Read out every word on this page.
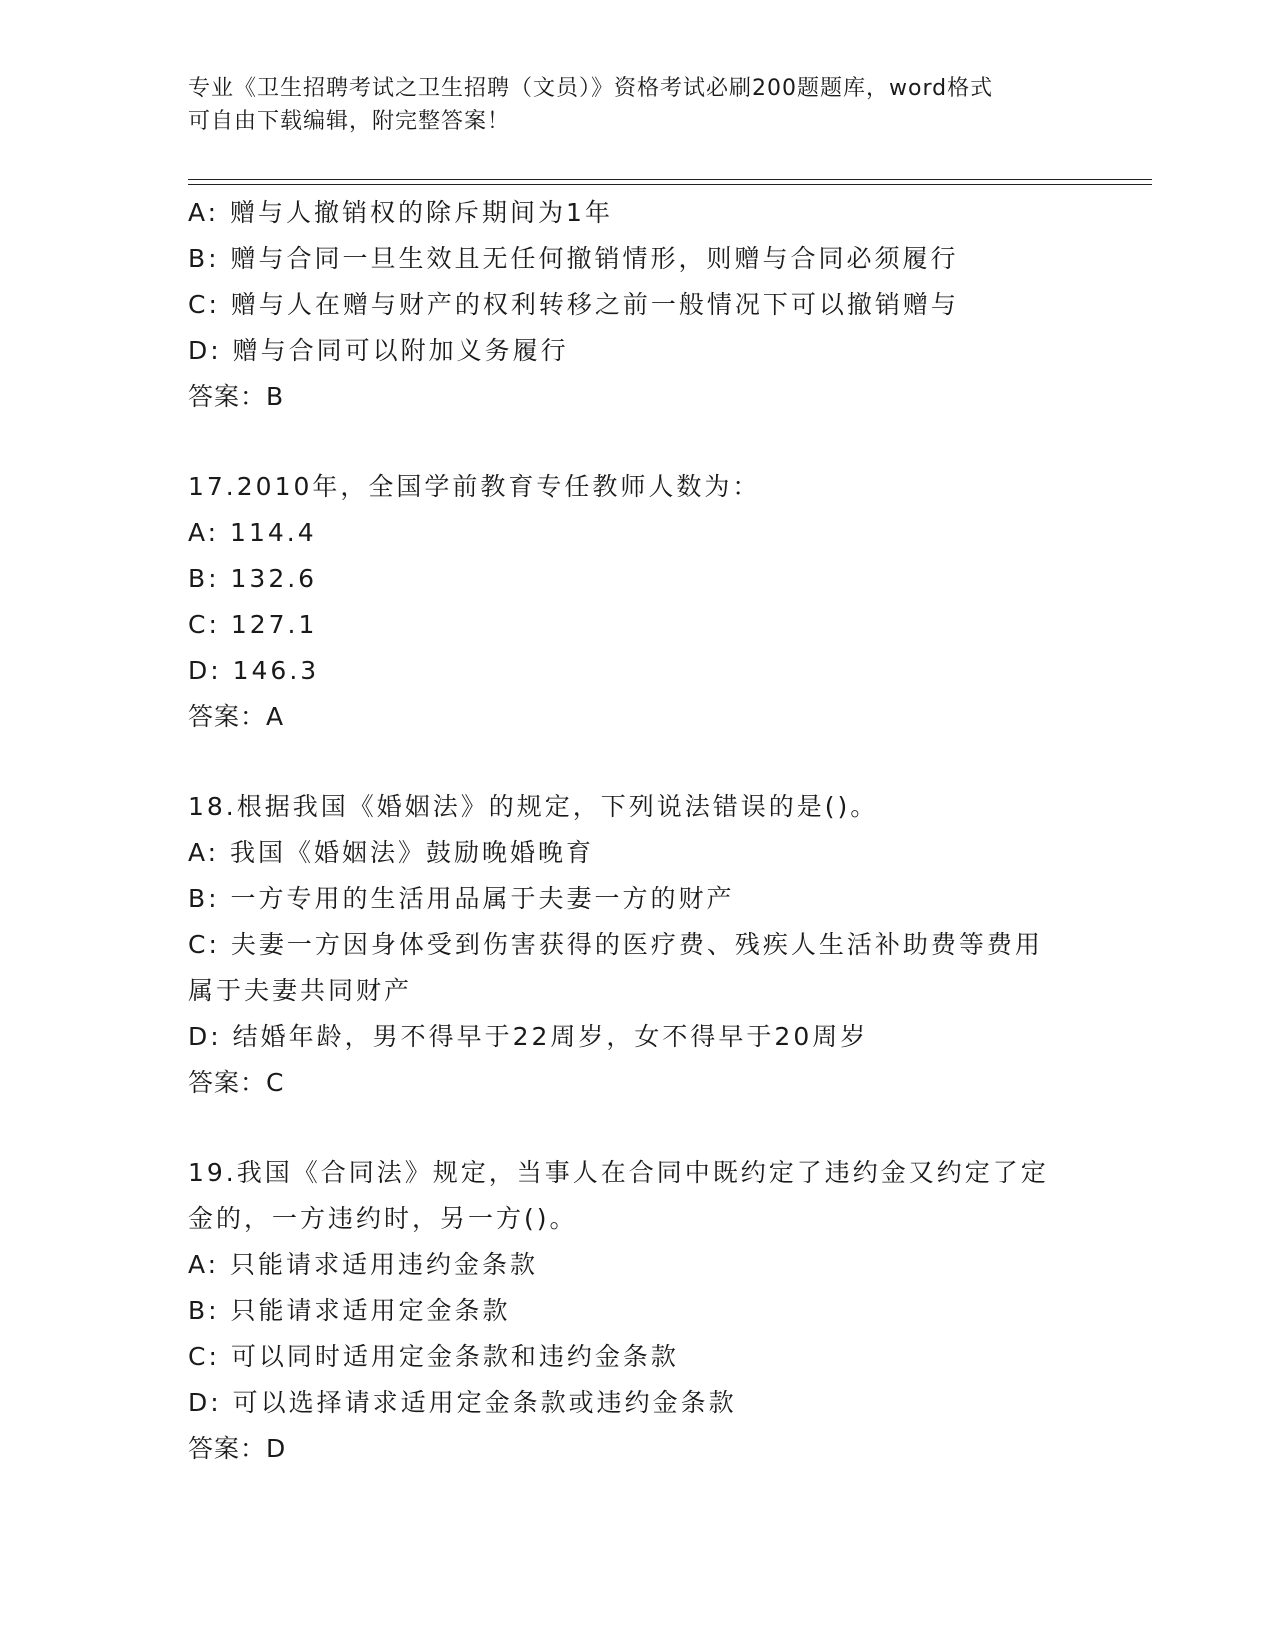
专业《卫生招聘考试之卫生招聘（文员）》资格考试必刷200题题库，word格式
可自由下载编辑，附完整答案！
A: 赠与人撤销权的除斥期间为1年
B: 赠与合同一旦生效且无任何撤销情形，则赠与合同必须履行
C: 赠与人在赠与财产的权利转移之前一般情况下可以撤销赠与
D: 赠与合同可以附加义务履行
答案：B
17.2010年，全国学前教育专任教师人数为：
A: 114.4
B: 132.6
C: 127.1
D: 146.3
答案：A
18.根据我国《婚姻法》的规定，下列说法错误的是()。
A: 我国《婚姻法》鼓励晚婚晚育
B: 一方专用的生活用品属于夫妻一方的财产
C: 夫妻一方因身体受到伤害获得的医疗费、残疾人生活补助费等费用
属于夫妻共同财产
D: 结婚年龄，男不得早于22周岁，女不得早于20周岁
答案：C
19.我国《合同法》规定，当事人在合同中既约定了违约金又约定了定
金的，一方违约时，另一方()。
A: 只能请求适用违约金条款
B: 只能请求适用定金条款
C: 可以同时适用定金条款和违约金条款
D: 可以选择请求适用定金条款或违约金条款
答案：D
